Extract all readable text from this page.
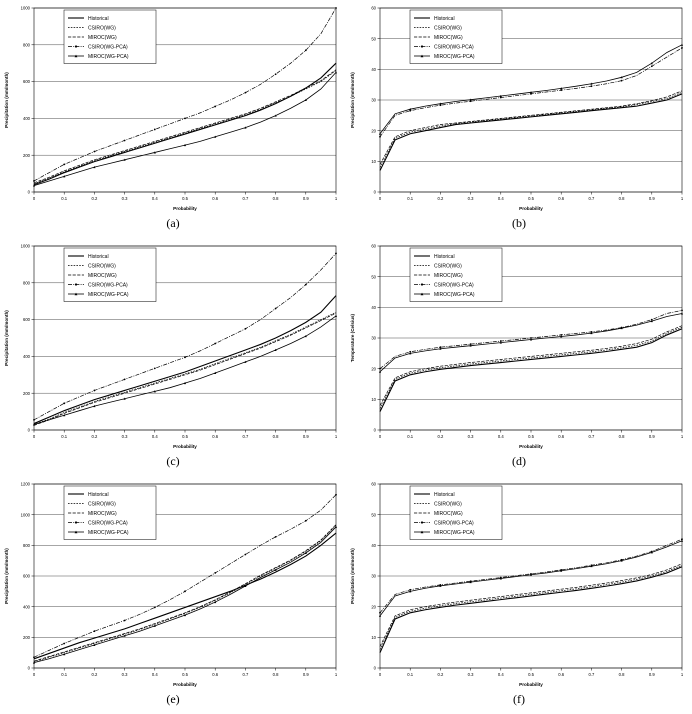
0	0.1	0.2	0.3	0.4	0.5	0.6	0.7	0.8	0.9	1
0
200
400
600
800
1000
Probability
Precipitation (mm/month)
Historical
CSIRO(WG)
MIROC(WG)
CSIRO(WG-PCA)
MIROC(WG-PCA)
(a)
0	0.1	0.2	0.3	0.4	0.5	0.6	0.7	0.8	0.9	1
0
10
20
30
40
50
60
Probability
Precipitation (mm/month)
Historical
CSIRO(WG)
MIROC(WG)
CSIRO(WG-PCA)
MIROC(WG-PCA)
(b)
0	0.1	0.2	0.3	0.4	0.5	0.6	0.7	0.8	0.9	1
0
200
400
600
800
1000
Probability
Precipitation (mm/month)
Historical
CSIRO(WG)
MIROC(WG)
CSIRO(WG-PCA)
MIROC(WG-PCA)
(c)
0	0.1	0.2	0.3	0.4	0.5	0.6	0.7	0.8	0.9	1
0
10
20
30
40
50
60
Probability
Temperature (Celsius)
Historical
CSIRO(WG)
MIROC(WG)
CSIRO(WG-PCA)
MIROC(WG-PCA)
(d)
0	0.1	0.2	0.3	0.4	0.5	0.6	0.7	0.8	0.9	1
0
200
400
600
800
1000
1200
Probability
Precipitation (mm/month)
Historical
CSIRO(WG)
MIROC(WG)
CSIRO(WG-PCA)
MIROC(WG-PCA)
(e)
0	0.1	0.2	0.3	0.4	0.5	0.6	0.7	0.8	0.9	1
0
10
20
30
40
50
60
Probability
Precipitation (mm/month)
Historical
CSIRO(WG)
MIROC(WG)
CSIRO(WG-PCA)
MIROC(WG-PCA)
(f)
